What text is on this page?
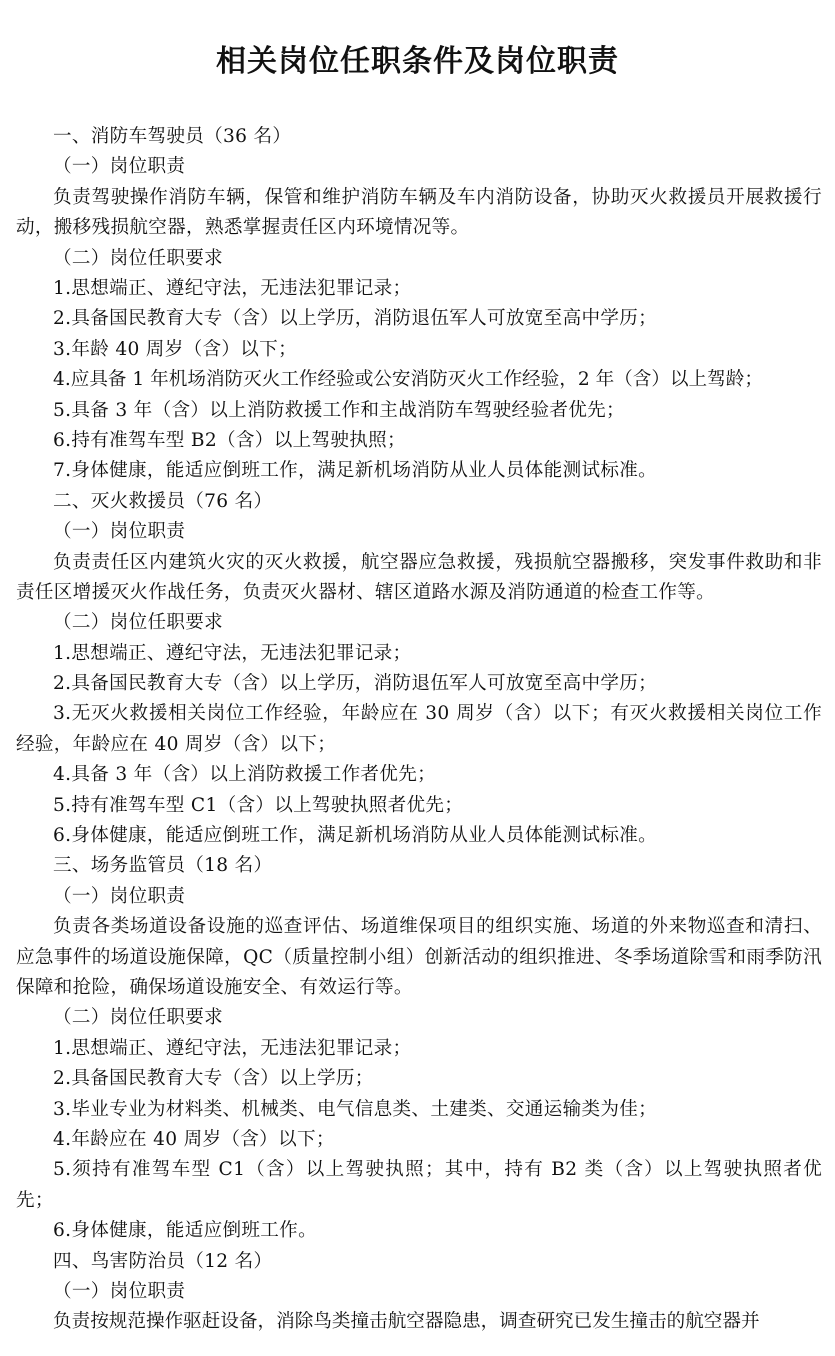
相关岗位任职条件及岗位职责
一、消防车驾驶员（36 名）
（一）岗位职责
负责驾驶操作消防车辆，保管和维护消防车辆及车内消防设备，协助灭火救援员开展救援行动，搬移残损航空器，熟悉掌握责任区内环境情况等。
（二）岗位任职要求
1.思想端正、遵纪守法，无违法犯罪记录；
2.具备国民教育大专（含）以上学历，消防退伍军人可放宽至高中学历；
3.年龄 40 周岁（含）以下；
4.应具备 1 年机场消防灭火工作经验或公安消防灭火工作经验，2 年（含）以上驾龄；
5.具备 3 年（含）以上消防救援工作和主战消防车驾驶经验者优先；
6.持有准驾车型 B2（含）以上驾驶执照；
7.身体健康，能适应倒班工作，满足新机场消防从业人员体能测试标准。
二、灭火救援员（76 名）
（一）岗位职责
负责责任区内建筑火灾的灭火救援，航空器应急救援，残损航空器搬移，突发事件救助和非责任区增援灭火作战任务，负责灭火器材、辖区道路水源及消防通道的检查工作等。
（二）岗位任职要求
1.思想端正、遵纪守法，无违法犯罪记录；
2.具备国民教育大专（含）以上学历，消防退伍军人可放宽至高中学历；
3.无灭火救援相关岗位工作经验，年龄应在 30 周岁（含）以下；有灭火救援相关岗位工作经验，年龄应在 40 周岁（含）以下；
4.具备 3 年（含）以上消防救援工作者优先；
5.持有准驾车型 C1（含）以上驾驶执照者优先；
6.身体健康，能适应倒班工作，满足新机场消防从业人员体能测试标准。
三、场务监管员（18 名）
（一）岗位职责
负责各类场道设备设施的巡查评估、场道维保项目的组织实施、场道的外来物巡查和清扫、应急事件的场道设施保障，QC（质量控制小组）创新活动的组织推进、冬季场道除雪和雨季防汛保障和抢险，确保场道设施安全、有效运行等。
（二）岗位任职要求
1.思想端正、遵纪守法，无违法犯罪记录；
2.具备国民教育大专（含）以上学历；
3.毕业专业为材料类、机械类、电气信息类、土建类、交通运输类为佳；
4.年龄应在 40 周岁（含）以下；
5.须持有准驾车型 C1（含）以上驾驶执照；其中，持有 B2 类（含）以上驾驶执照者优先；
6.身体健康，能适应倒班工作。
四、鸟害防治员（12 名）
（一）岗位职责
负责按规范操作驱赶设备，消除鸟类撞击航空器隐患，调查研究已发生撞击的航空器并
